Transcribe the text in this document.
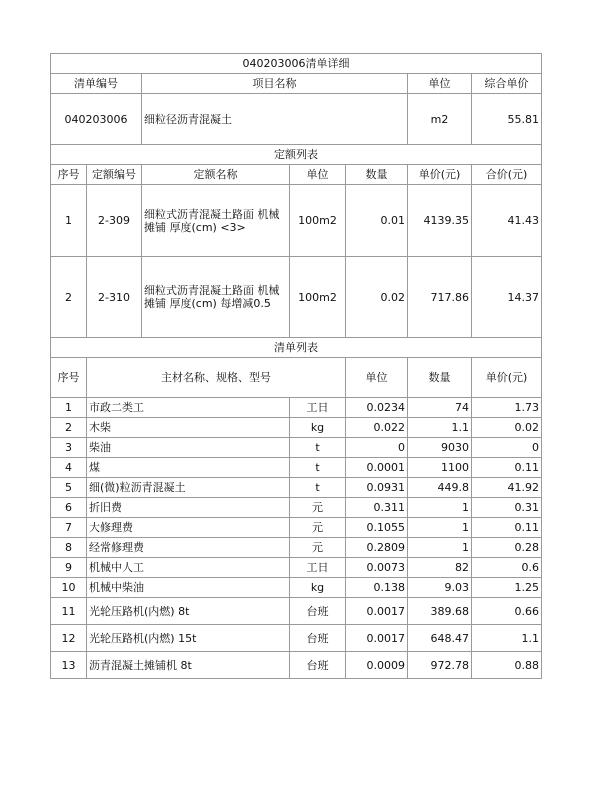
040203006清单详细							
清单编号		项目名称			单位	综合单价	
040203006		细粒径沥青混凝土			m2	55.81	
定额列表							
序号	定额编号	定额名称	单位	数量	单价(元)	合价(元)	
1	2-309	细粒式沥青混凝土路面 机械摊铺 厚度(cm) <3>	100m2	0.01	4139.35	41.43	
2	2-310	细粒式沥青混凝土路面 机械摊铺 厚度(cm) 每增减0.5	100m2	0.02	717.86	14.37	
清单列表							
序号	主材名称、规格、型号			单位	数量	单价(元)	
1	市政二类工		工日	0.0234	74	1.73	
2	木柴		kg	0.022	1.1	0.02	
3	柴油		t	0	9030	0	
4	煤		t	0.0001	1100	0.11	
5	细(微)粒沥青混凝土		t	0.0931	449.8	41.92	
6	折旧费		元	0.311	1	0.31	
7	大修理费		元	0.1055	1	0.11	
8	经常修理费		元	0.2809	1	0.28	
9	机械中人工		工日	0.0073	82	0.6	
10	机械中柴油		kg	0.138	9.03	1.25	
11	光轮压路机(内燃) 8t		台班	0.0017	389.68	0.66	
12	光轮压路机(内燃) 15t		台班	0.0017	648.47	1.1	
13	沥青混凝土摊铺机 8t		台班	0.0009	972.78	0.88	
